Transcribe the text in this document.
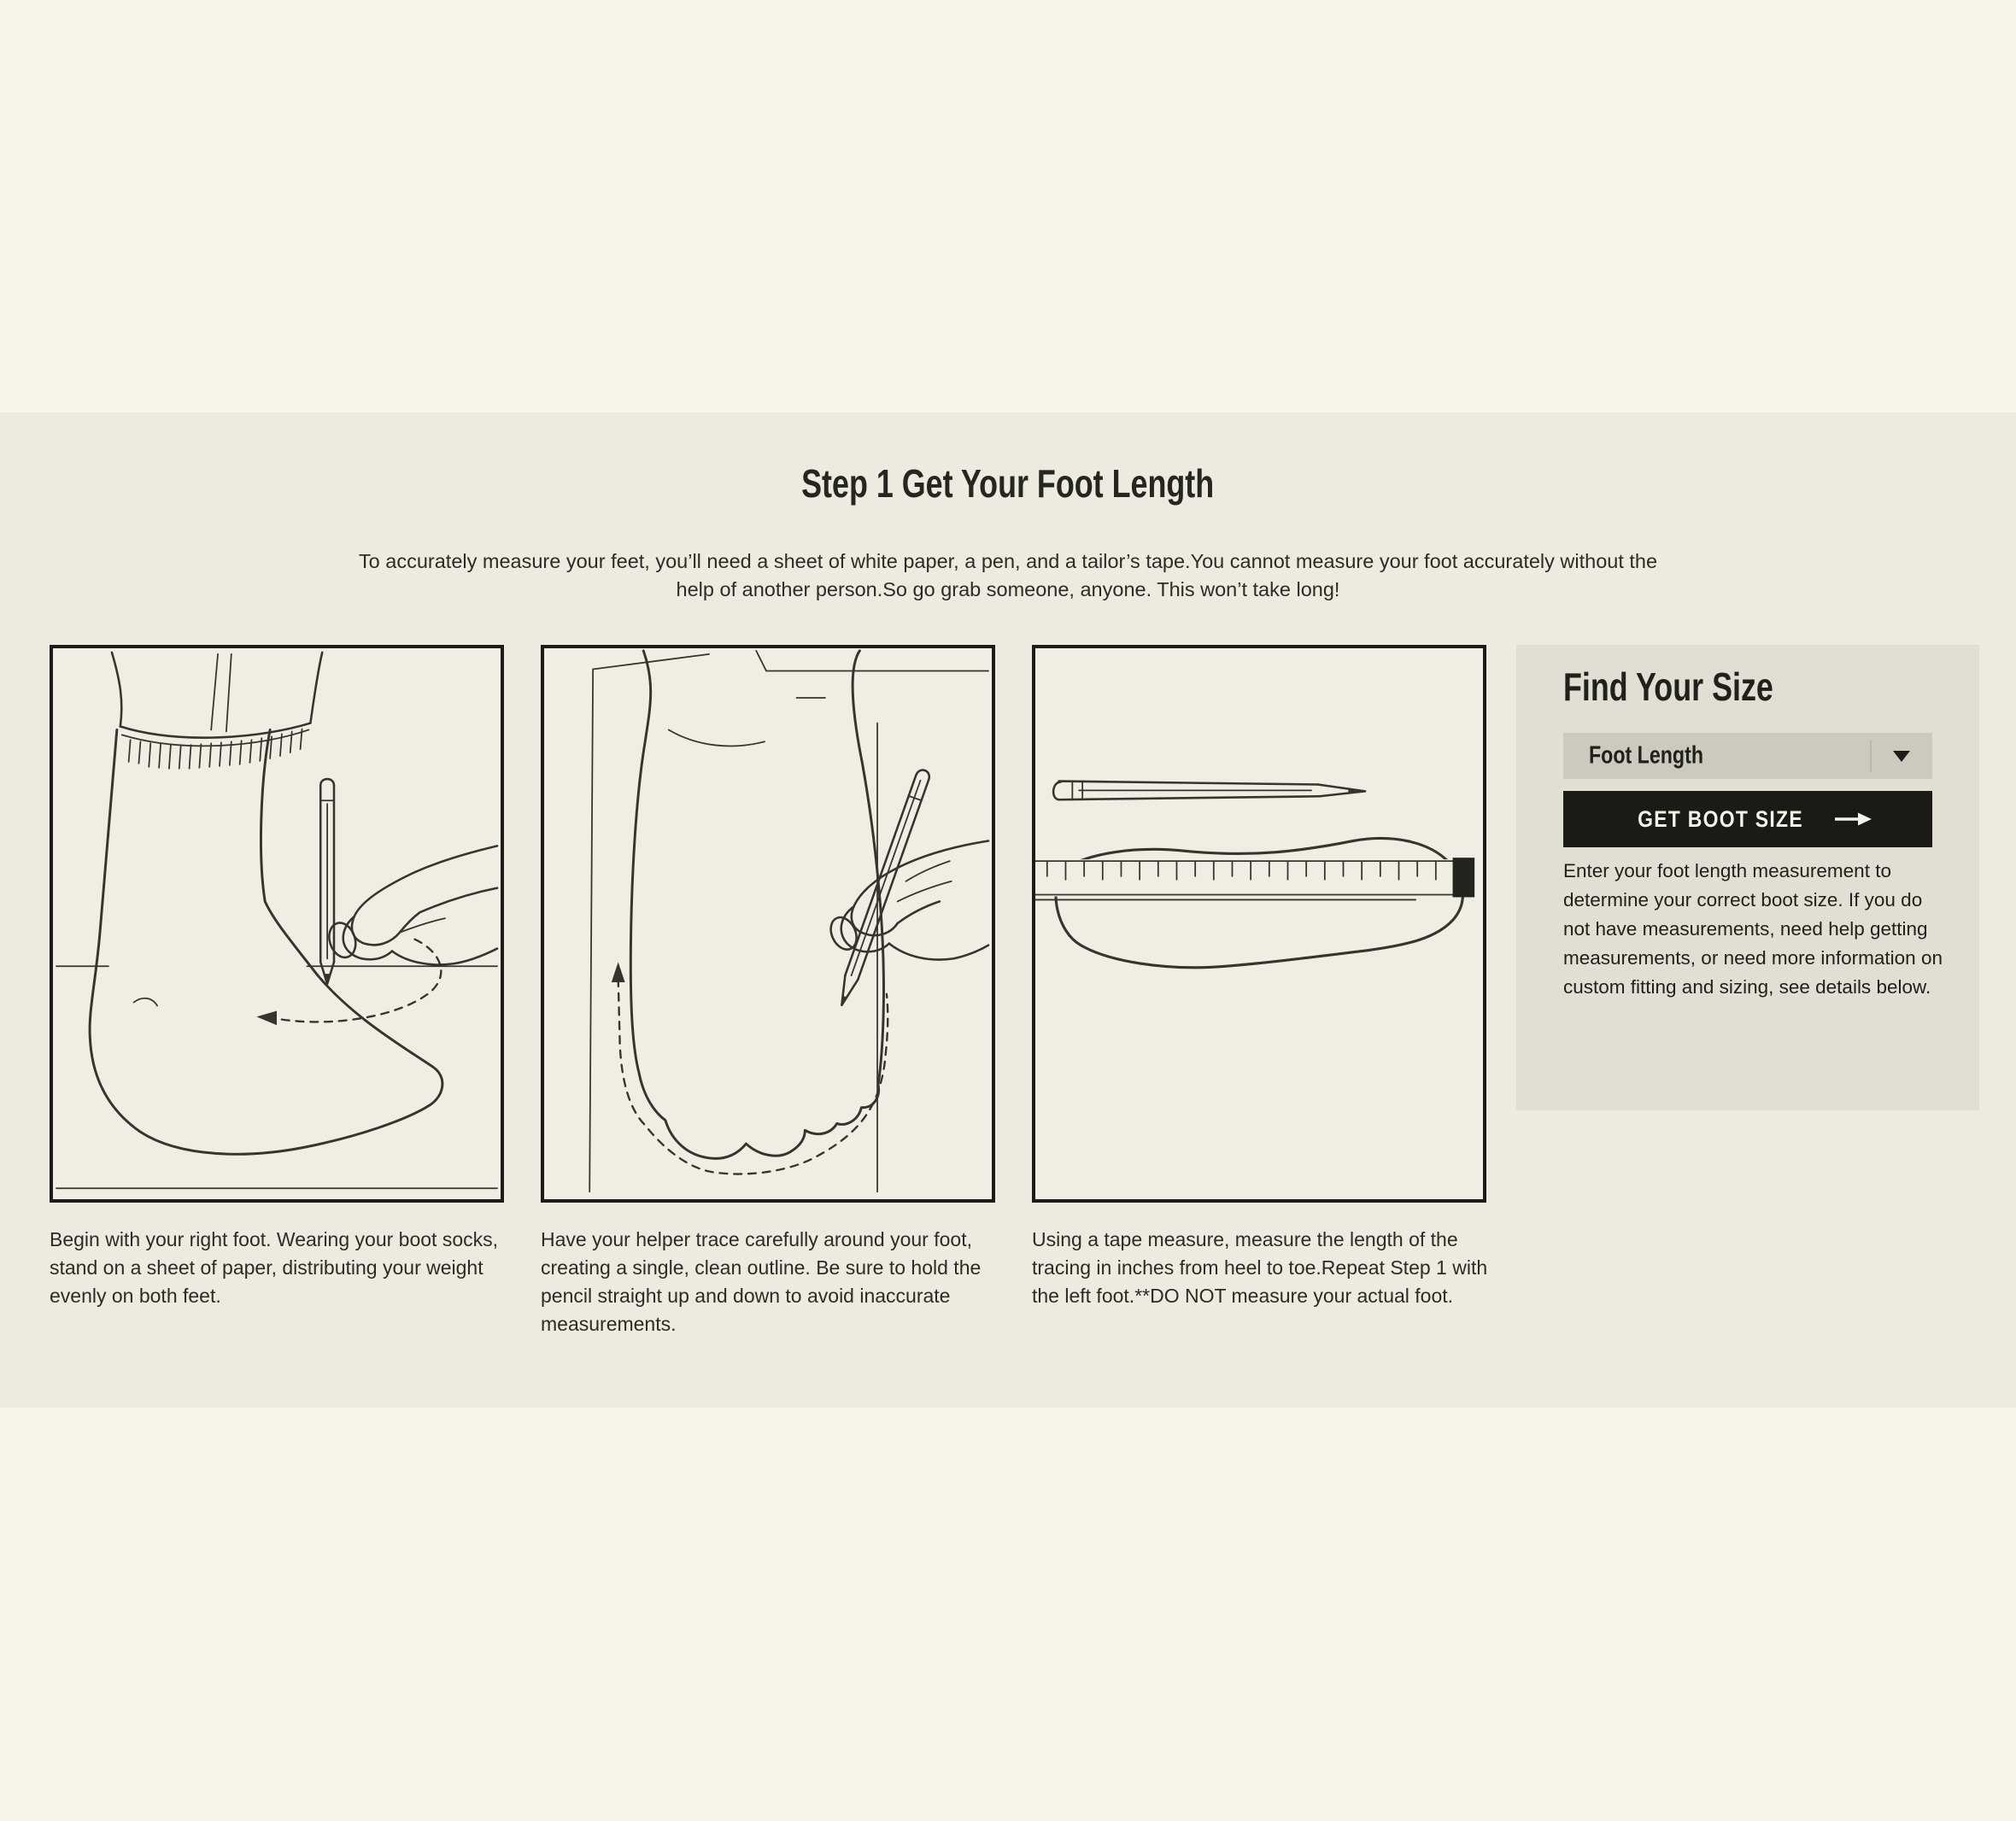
Step 1 Get Your Foot Length

To accurately measure your feet, you’ll need a sheet of white paper, a pen, and a tailor’s tape.You cannot measure your foot accurately without the help of another person.So go grab someone, anyone. This won’t take long!

Begin with your right foot. Wearing your boot socks, stand on a sheet of paper, distributing your weight evenly on both feet.

Have your helper trace carefully around your foot, creating a single, clean outline. Be sure to hold the pencil straight up and down to avoid inaccurate measurements.

Using a tape measure, measure the length of the tracing in inches from heel to toe.Repeat Step 1 with the left foot.**DO NOT measure your actual foot.

Find Your Size
Foot Length
GET BOOT SIZE

Enter your foot length measurement to determine your correct boot size. If you do not have measurements, need help getting measurements, or need more information on custom fitting and sizing, see details below.
